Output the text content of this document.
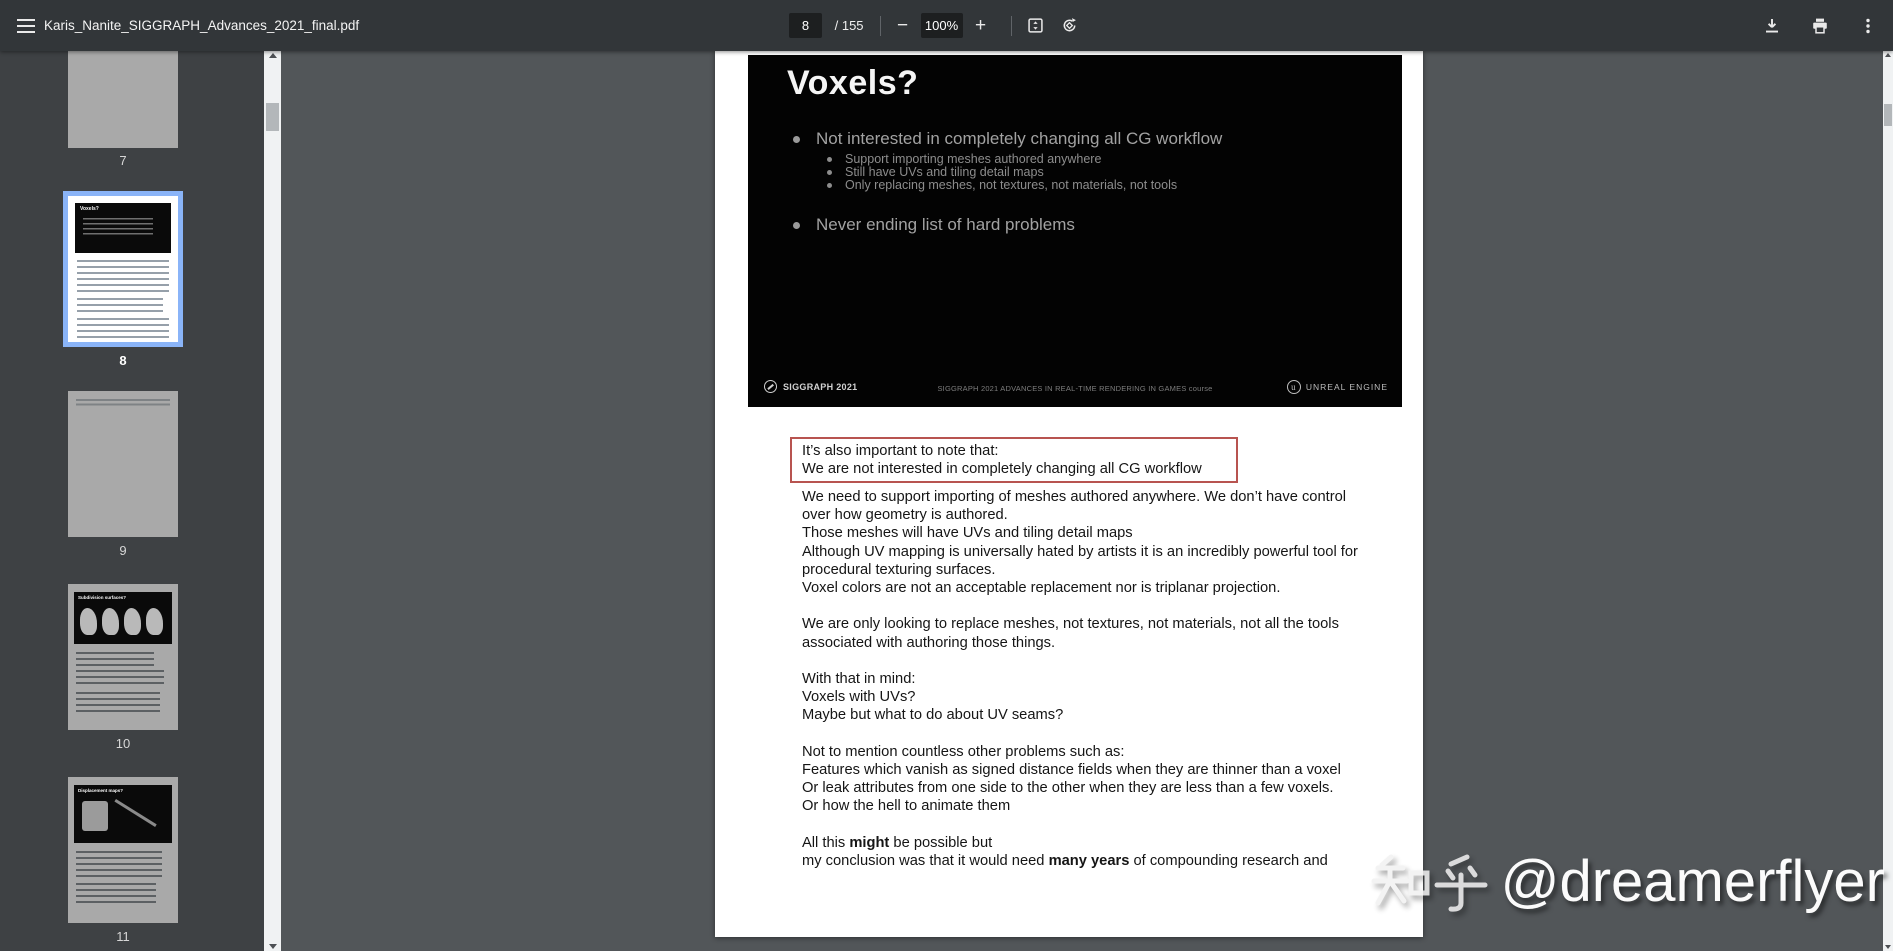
Karis_Nanite_SIGGRAPH_Advances_2021_final.pdf
8	/ 155	−	100% +
7
Voxels?
8
9
Subdivision surfaces?
10
Displacement maps?
11
Voxels?
Not interested in completely changing all CG workflow
Support importing meshes authored anywhere
Still have UVs and tiling detail maps
Only replacing meshes, not textures, not materials, not tools
Never ending list of hard problems
SIGGRAPH 2021	SIGGRAPH 2021 ADVANCES IN REAL-TIME RENDERING IN GAMES course	u	UNREAL ENGINE
It’s also important to note that:
We are not interested in completely changing all CG workflow
We need to support importing of meshes authored anywhere. We don’t have control
over how geometry is authored.
Those meshes will have UVs and tiling detail maps
Although UV mapping is universally hated by artists it is an incredibly powerful tool for
procedural texturing surfaces.
Voxel colors are not an acceptable replacement nor is triplanar projection.

We are only looking to replace meshes, not textures, not materials, not all the tools
associated with authoring those things.

With that in mind:
Voxels with UVs?
Maybe but what to do about UV seams?

Not to mention countless other problems such as:
Features which vanish as signed distance fields when they are thinner than a voxel
Or leak attributes from one side to the other when they are less than a few voxels.
Or how the hell to animate them

All this might be possible but
my conclusion was that it would need many years of compounding research and	@dreamerflyer
